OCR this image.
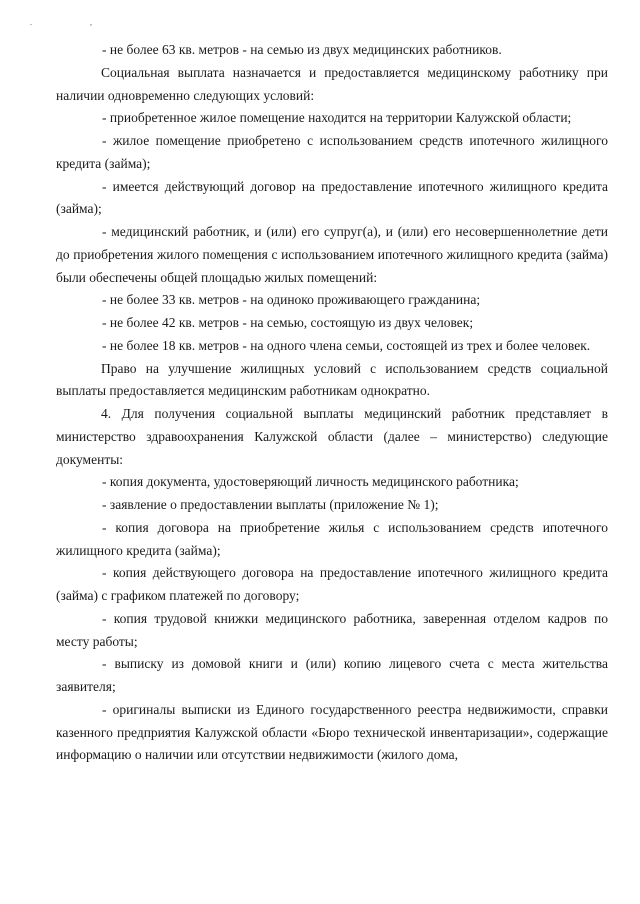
. ,

- не более 63 кв. метров - на семью из двух медицинских работников.

Социальная выплата назначается и предоставляется медицинскому работнику при наличии одновременно следующих условий:

- приобретенное жилое помещение находится на территории Калужской области;

- жилое помещение приобретено с использованием средств ипотечного жилищного кредита (займа);

- имеется действующий договор на предоставление ипотечного жилищного кредита (займа);

- медицинский работник, и (или) его супруг(а), и (или) его несовершеннолетние дети до приобретения жилого помещения с использованием ипотечного жилищного кредита (займа) были обеспечены общей площадью жилых помещений:

- не более 33 кв. метров - на одиноко проживающего гражданина;

- не более 42 кв. метров - на семью, состоящую из двух человек;

- не более 18 кв. метров - на одного члена семьи, состоящей из трех и более человек.

Право на улучшение жилищных условий с использованием средств социальной выплаты предоставляется медицинским работникам однократно.

4. Для получения социальной выплаты медицинский работник представляет в министерство здравоохранения Калужской области (далее – министерство) следующие документы:

- копия документа, удостоверяющий личность медицинского работника;

- заявление о предоставлении выплаты (приложение № 1);

- копия договора на приобретение жилья с использованием средств ипотечного жилищного кредита (займа);

- копия действующего договора на предоставление ипотечного жилищного кредита (займа) с графиком платежей по договору;

- копия трудовой книжки медицинского работника, заверенная отделом кадров по месту работы;

- выписку из домовой книги и (или) копию лицевого счета с места жительства заявителя;

- оригиналы выписки из Единого государственного реестра недвижимости, справки казенного предприятия Калужской области «Бюро технической инвентаризации», содержащие информацию о наличии или отсутствии недвижимости (жилого дома,
